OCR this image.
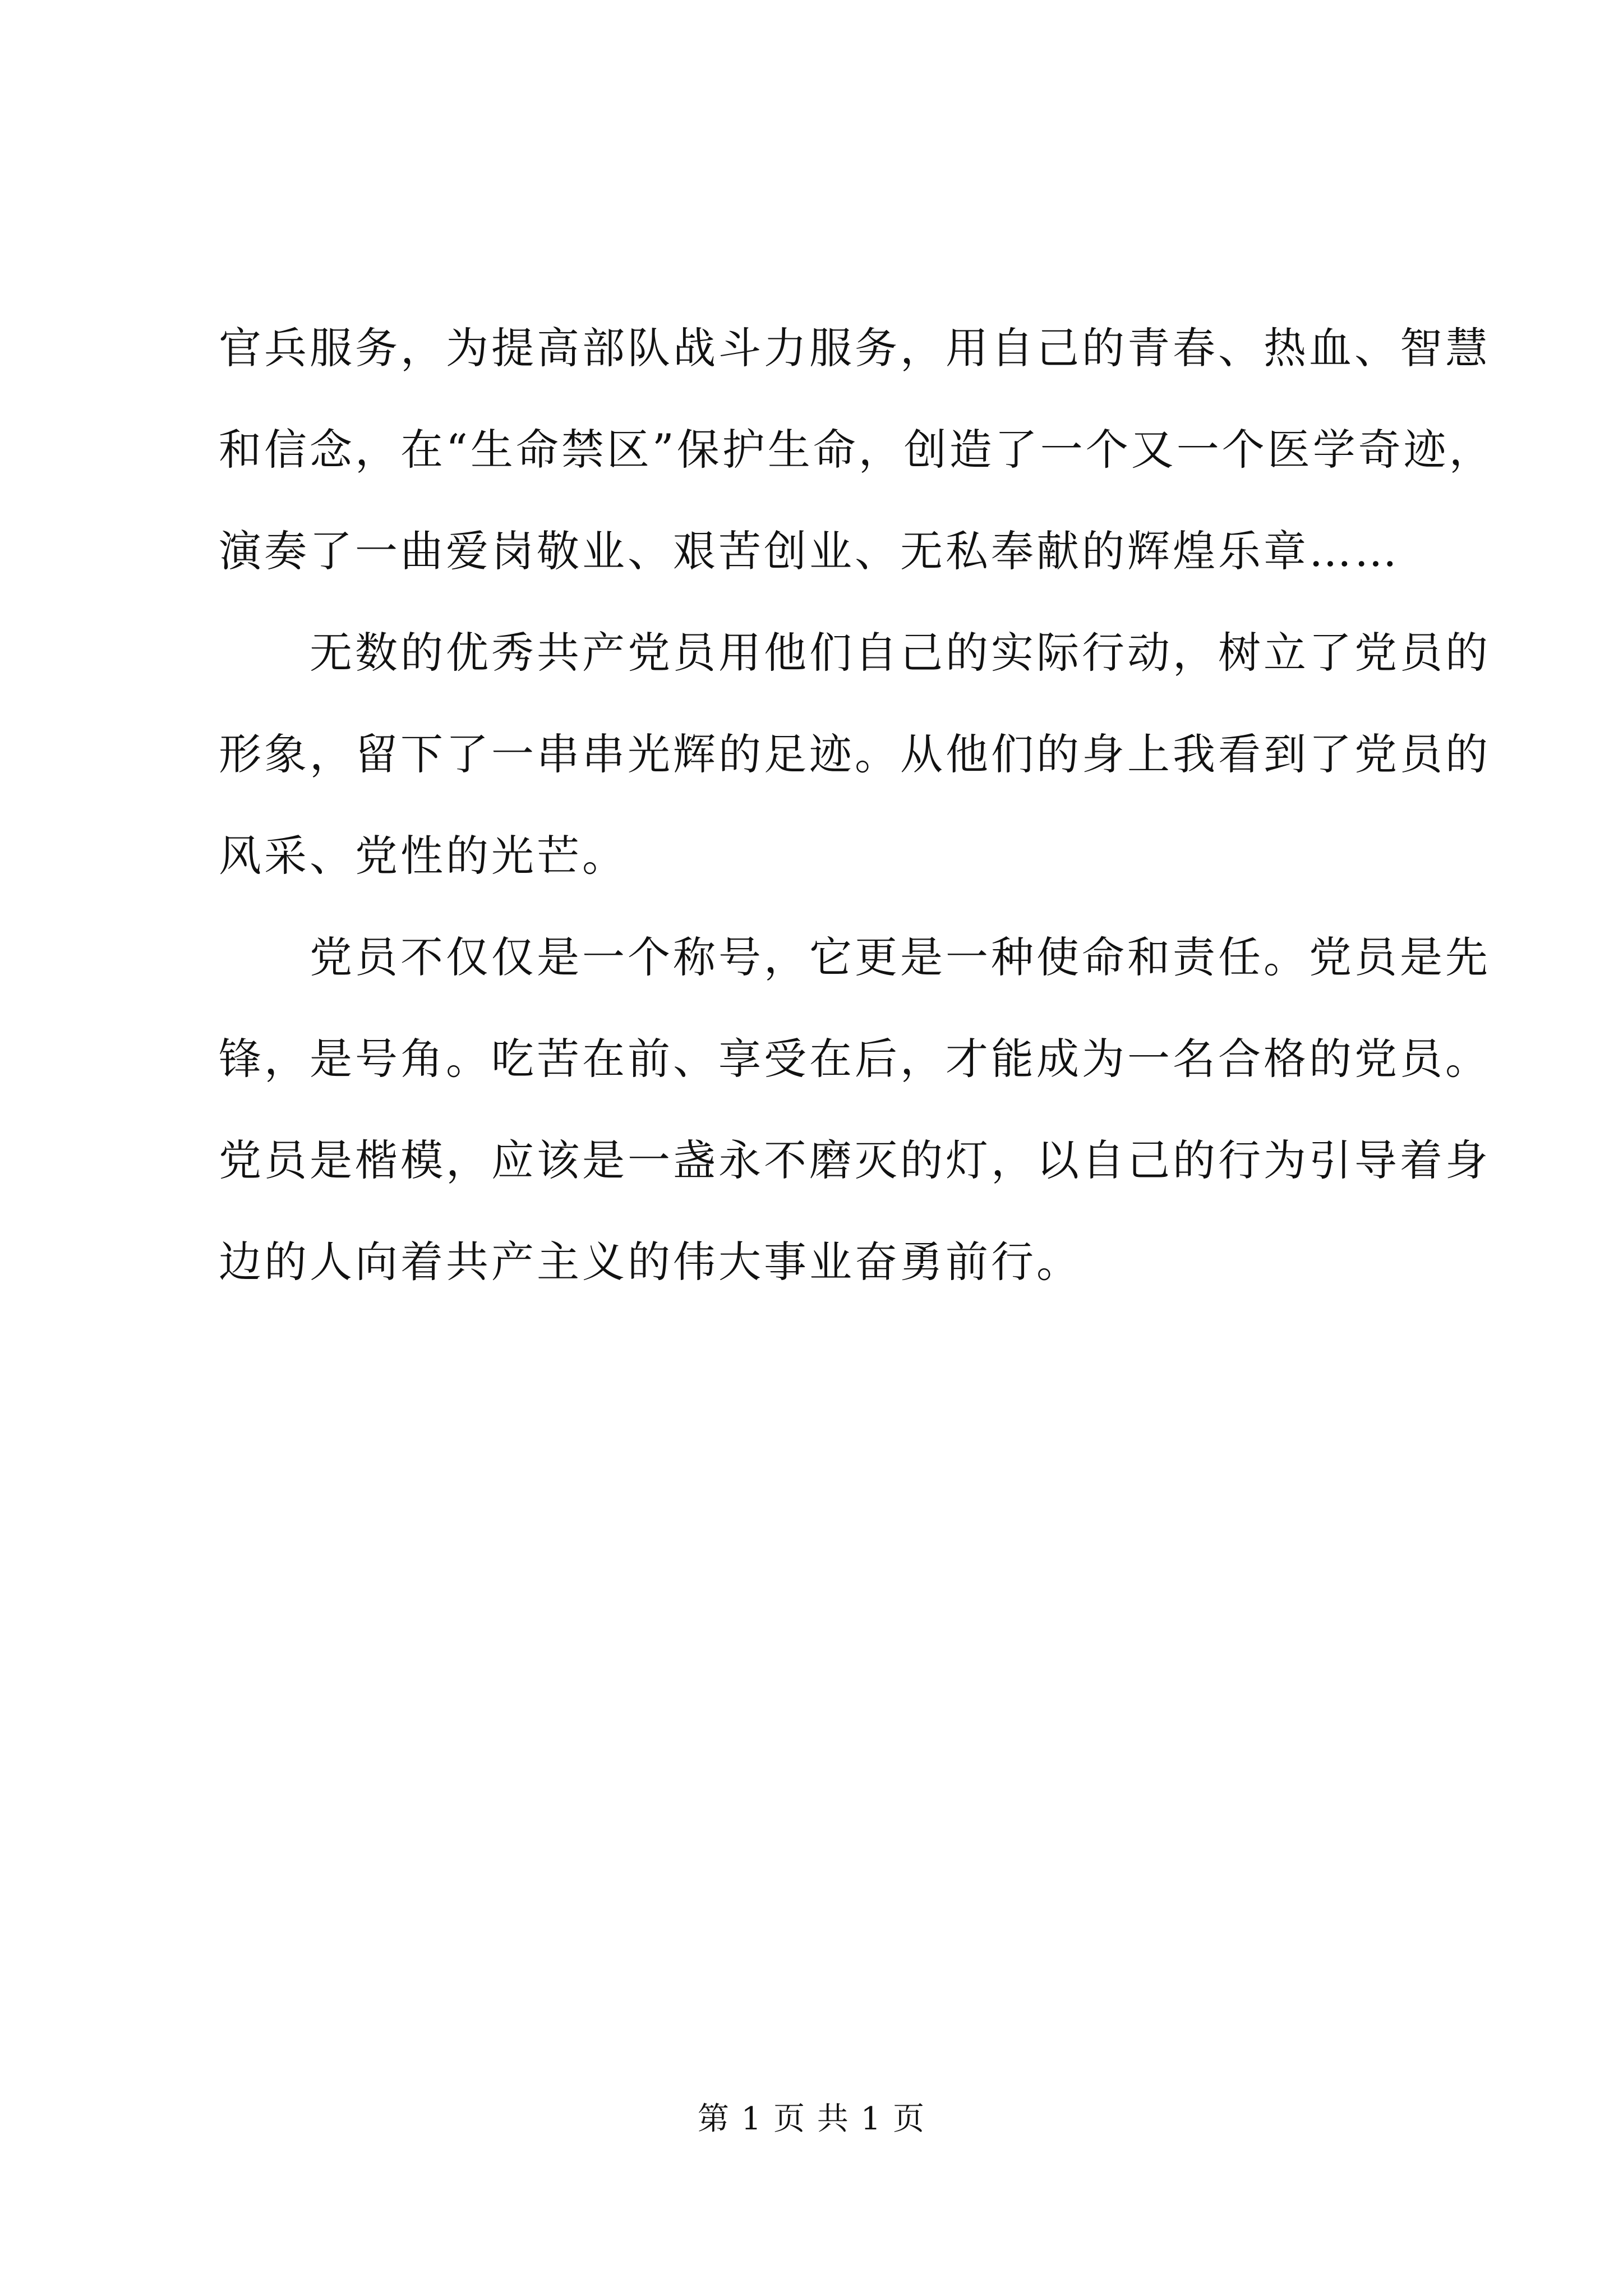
官兵服务，为提高部队战斗力服务，用自己的青春、热血、智慧
和信念，在“生命禁区”保护生命，创造了一个又一个医学奇迹，
演奏了一曲爱岗敬业、艰苦创业、无私奉献的辉煌乐章……
　　无数的优秀共产党员用他们自己的实际行动，树立了党员的
形象，留下了一串串光辉的足迹。从他们的身上我看到了党员的
风采、党性的光芒。
　　党员不仅仅是一个称号，它更是一种使命和责任。党员是先
锋，是号角。吃苦在前、享受在后，才能成为一名合格的党员。
党员是楷模，应该是一盏永不磨灭的灯，以自己的行为引导着身
边的人向着共产主义的伟大事业奋勇前行。
第 1 页 共 1 页
